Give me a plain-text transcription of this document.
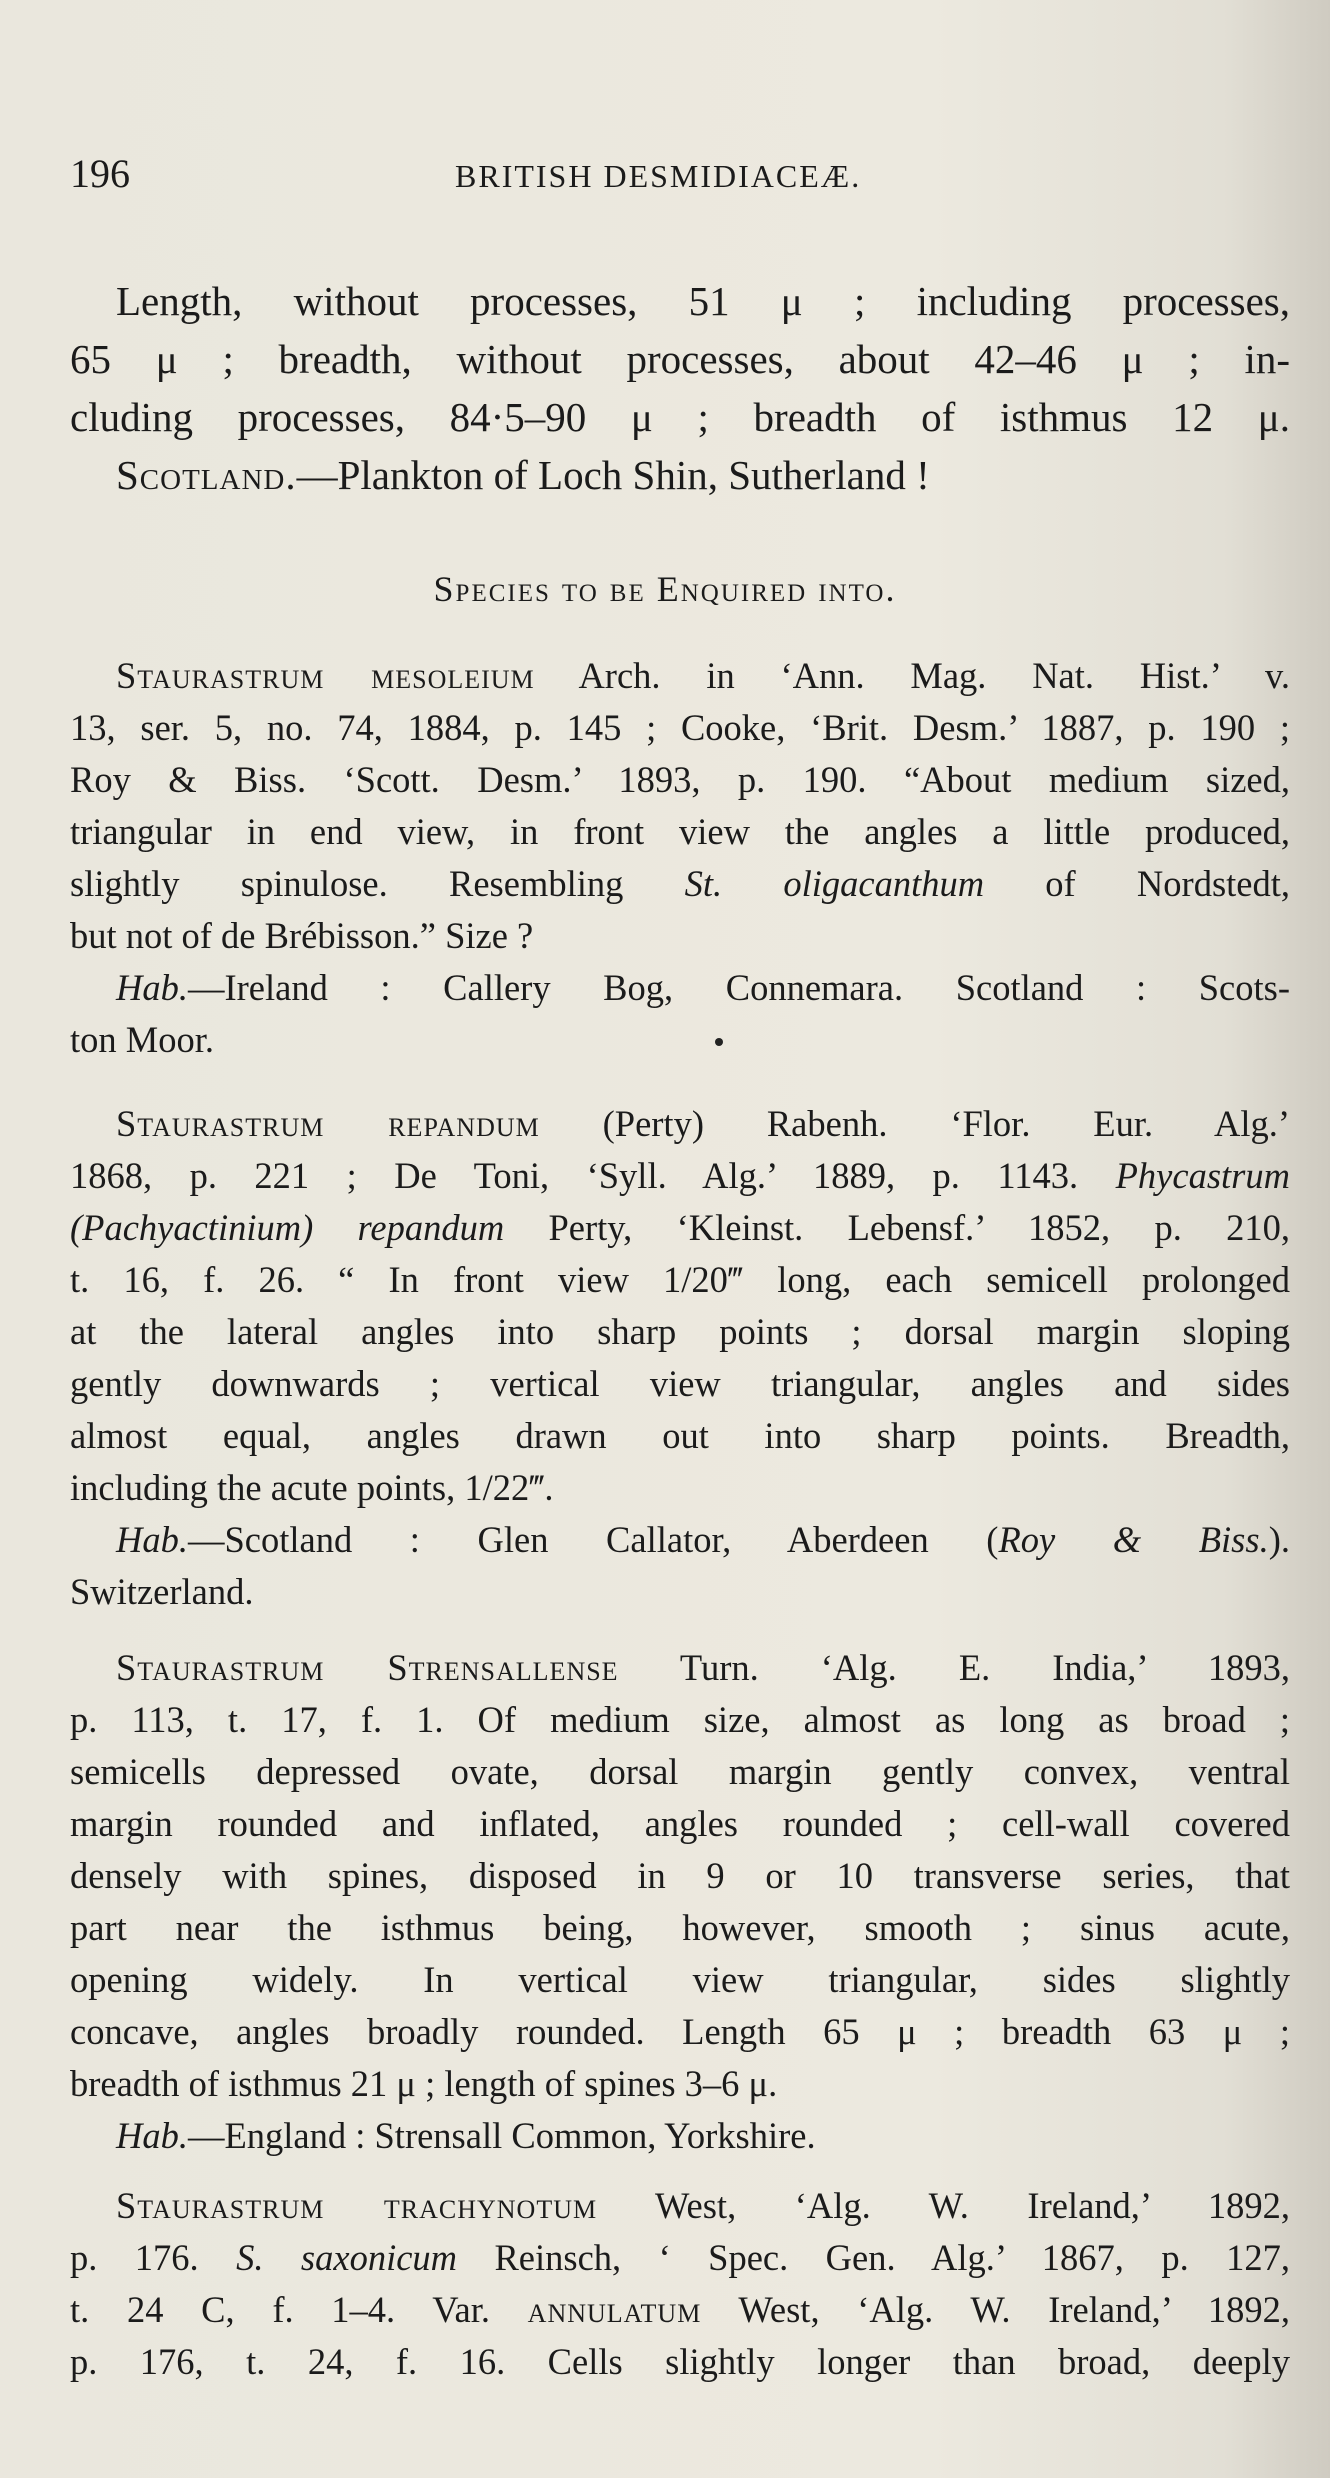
196	BRITISH DESMIDIACEÆ.
Length, without processes, 51 μ ; including processes,
65 μ ; breadth, without processes, about 42–46 μ ; in-
cluding processes, 84·5–90 μ ; breadth of isthmus 12 μ.
Scotland.—Plankton of Loch Shin, Sutherland !
Species to be Enquired into.
Staurastrum mesoleium Arch. in ‘Ann. Mag. Nat. Hist.’ v.
13, ser. 5, no. 74, 1884, p. 145 ; Cooke, ‘Brit. Desm.’ 1887, p. 190 ;
Roy & Biss. ‘Scott. Desm.’ 1893, p. 190. “About medium sized,
triangular in end view, in front view the angles a little produced,
slightly spinulose. Resembling St. oligacanthum of Nordstedt,
but not of de Brébisson.” Size ?
Hab.—Ireland : Callery Bog, Connemara. Scotland : Scots-
ton Moor.
Staurastrum repandum (Perty) Rabenh. ‘Flor. Eur. Alg.’
1868, p. 221 ; De Toni, ‘Syll. Alg.’ 1889, p. 1143. Phycastrum
(Pachyactinium) repandum Perty, ‘Kleinst. Lebensf.’ 1852, p. 210,
t. 16, f. 26. “ In front view 1/20‴ long, each semicell prolonged
at the lateral angles into sharp points ; dorsal margin sloping
gently downwards ; vertical view triangular, angles and sides
almost equal, angles drawn out into sharp points. Breadth,
including the acute points, 1/22‴.
Hab.—Scotland : Glen Callator, Aberdeen (Roy & Biss.).
Switzerland.
Staurastrum Strensallense Turn. ‘Alg. E. India,’ 1893,
p. 113, t. 17, f. 1. Of medium size, almost as long as broad ;
semicells depressed ovate, dorsal margin gently convex, ventral
margin rounded and inflated, angles rounded ; cell-wall covered
densely with spines, disposed in 9 or 10 transverse series, that
part near the isthmus being, however, smooth ; sinus acute,
opening widely. In vertical view triangular, sides slightly
concave, angles broadly rounded. Length 65 μ ; breadth 63 μ ;
breadth of isthmus 21 μ ; length of spines 3–6 μ.
Hab.—England : Strensall Common, Yorkshire.
Staurastrum trachynotum West, ‘Alg. W. Ireland,’ 1892,
p. 176. S. saxonicum Reinsch, ‘ Spec. Gen. Alg.’ 1867, p. 127,
t. 24 C, f. 1–4. Var. annulatum West, ‘Alg. W. Ireland,’ 1892,
p. 176, t. 24, f. 16. Cells slightly longer than broad, deeply
